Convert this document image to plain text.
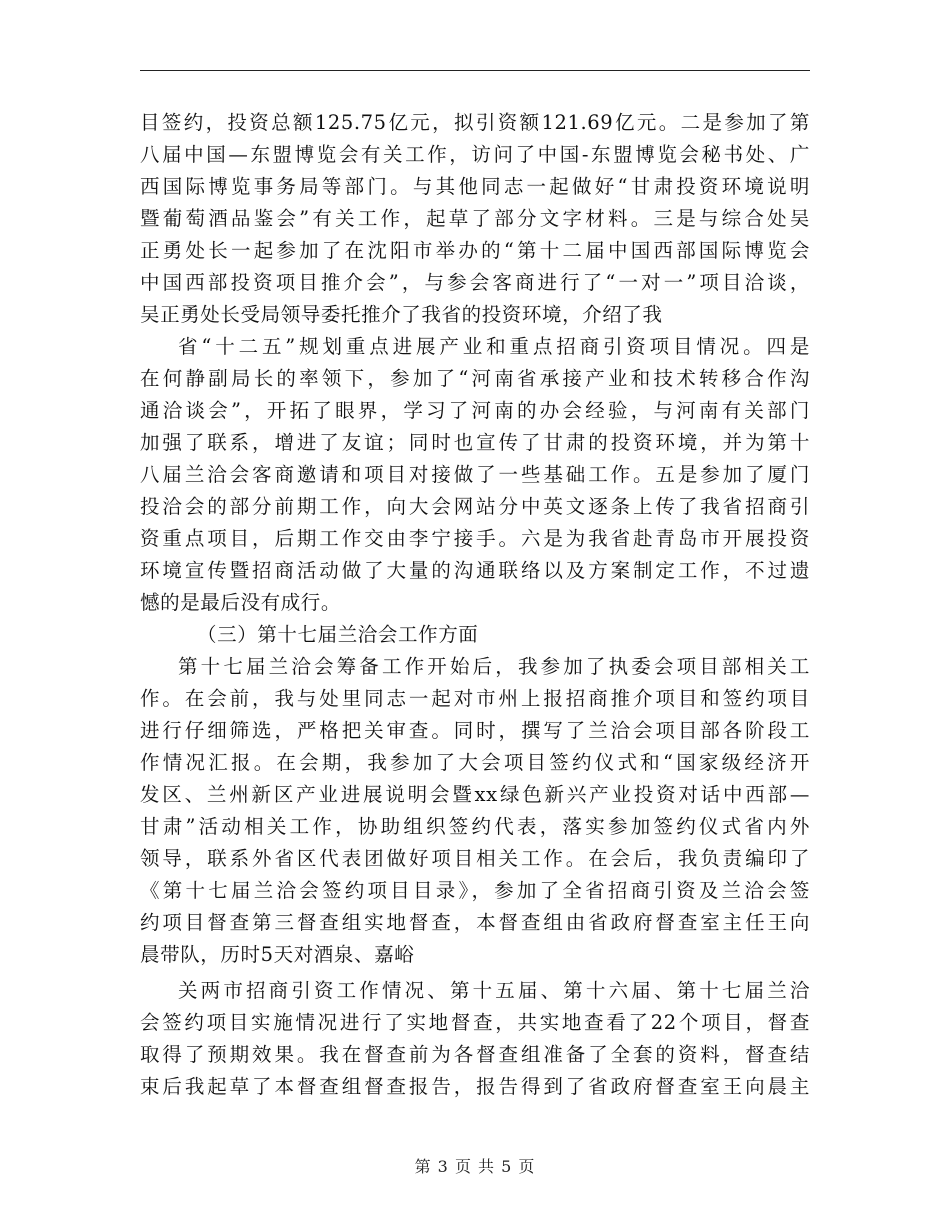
目签约，投资总额125.75亿元，拟引资额121.69亿元。二是参加了第
八届中国—东盟博览会有关工作，访问了中国-东盟博览会秘书处、广
西国际博览事务局等部门。与其他同志一起做好“甘肃投资环境说明
暨葡萄酒品鉴会”有关工作，起草了部分文字材料。三是与综合处吴
正勇处长一起参加了在沈阳市举办的“第十二届中国西部国际博览会
中国西部投资项目推介会”，与参会客商进行了“一对一”项目洽谈，
吴正勇处长受局领导委托推介了我省的投资环境，介绍了我
省“十二五”规划重点进展产业和重点招商引资项目情况。四是
在何静副局长的率领下，参加了“河南省承接产业和技术转移合作沟
通洽谈会”，开拓了眼界，学习了河南的办会经验，与河南有关部门
加强了联系，增进了友谊；同时也宣传了甘肃的投资环境，并为第十
八届兰洽会客商邀请和项目对接做了一些基础工作。五是参加了厦门
投洽会的部分前期工作，向大会网站分中英文逐条上传了我省招商引
资重点项目，后期工作交由李宁接手。六是为我省赴青岛市开展投资
环境宣传暨招商活动做了大量的沟通联络以及方案制定工作，不过遗
憾的是最后没有成行。
（三）第十七届兰洽会工作方面
第十七届兰洽会筹备工作开始后，我参加了执委会项目部相关工
作。在会前，我与处里同志一起对市州上报招商推介项目和签约项目
进行仔细筛选，严格把关审查。同时，撰写了兰洽会项目部各阶段工
作情况汇报。在会期，我参加了大会项目签约仪式和“国家级经济开
发区、兰州新区产业进展说明会暨xx绿色新兴产业投资对话中西部—
甘肃”活动相关工作，协助组织签约代表，落实参加签约仪式省内外
领导，联系外省区代表团做好项目相关工作。在会后，我负责编印了
《第十七届兰洽会签约项目目录》，参加了全省招商引资及兰洽会签
约项目督查第三督查组实地督查，本督查组由省政府督查室主任王向
晨带队，历时5天对酒泉、嘉峪
关两市招商引资工作情况、第十五届、第十六届、第十七届兰洽
会签约项目实施情况进行了实地督查，共实地查看了22个项目，督查
取得了预期效果。我在督查前为各督查组准备了全套的资料，督查结
束后我起草了本督查组督查报告，报告得到了省政府督查室王向晨主
第 3 页 共 5 页
